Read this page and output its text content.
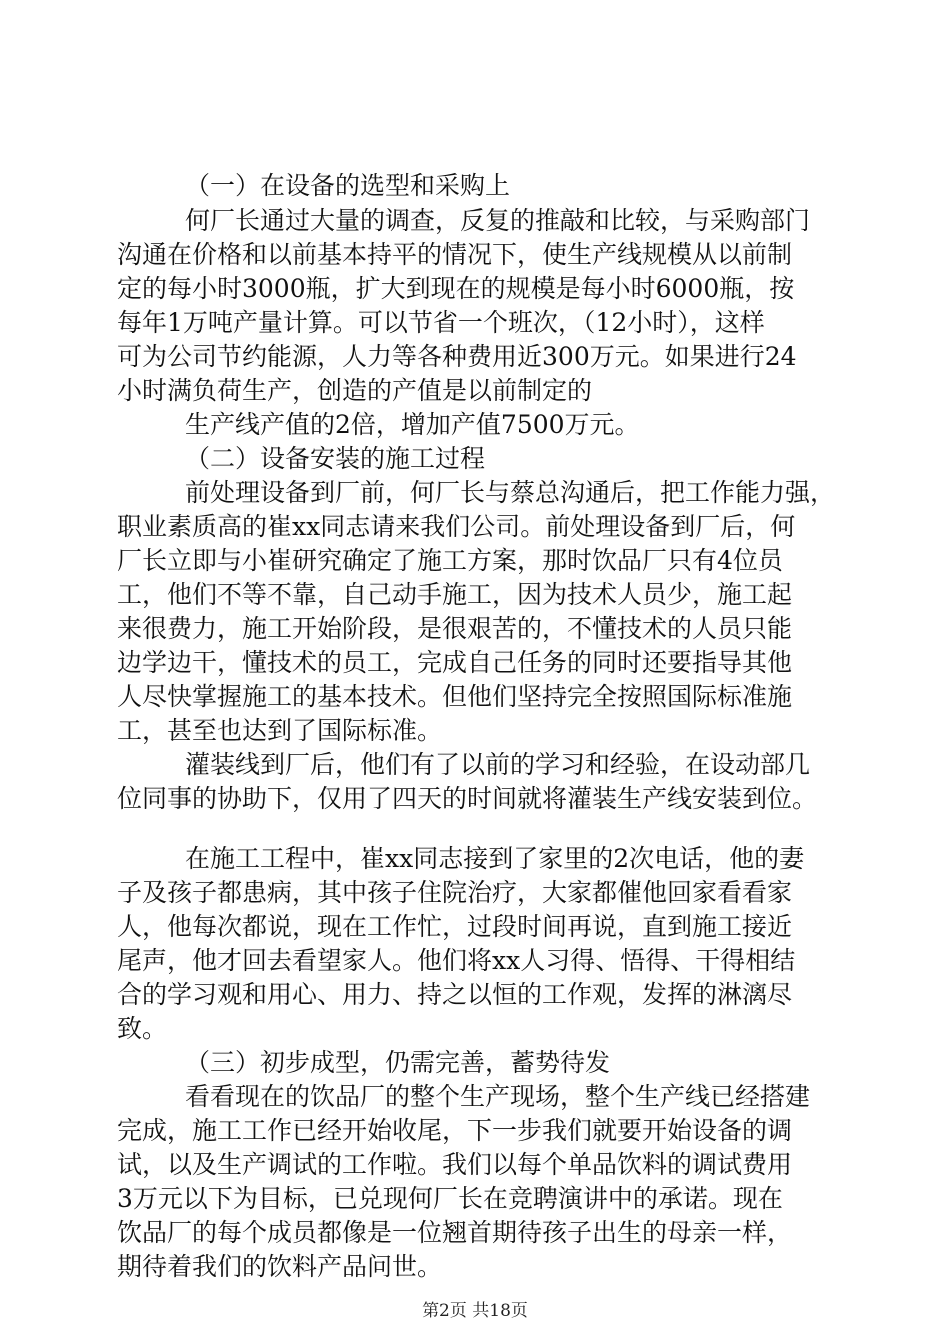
（一）在设备的选型和采购上
何厂长通过大量的调查，反复的推敲和比较，与采购部门
沟通在价格和以前基本持平的情况下，使生产线规模从以前制
定的每小时3000瓶，扩大到现在的规模是每小时6000瓶，按
每年1万吨产量计算。可以节省一个班次，（12小时），这样
可为公司节约能源，人力等各种费用近300万元。如果进行24
小时满负荷生产，创造的产值是以前制定的
生产线产值的2倍，增加产值7500万元。
（二）设备安装的施工过程
前处理设备到厂前，何厂长与蔡总沟通后，把工作能力强，
职业素质高的崔xx同志请来我们公司。前处理设备到厂后，何
厂长立即与小崔研究确定了施工方案，那时饮品厂只有4位员
工，他们不等不靠，自己动手施工，因为技术人员少，施工起
来很费力，施工开始阶段，是很艰苦的，不懂技术的人员只能
边学边干，懂技术的员工，完成自己任务的同时还要指导其他
人尽快掌握施工的基本技术。但他们坚持完全按照国际标准施
工，甚至也达到了国际标准。
灌装线到厂后，他们有了以前的学习和经验，在设动部几
位同事的协助下，仅用了四天的时间就将灌装生产线安装到位。
在施工工程中，崔xx同志接到了家里的2次电话，他的妻
子及孩子都患病，其中孩子住院治疗，大家都催他回家看看家
人，他每次都说，现在工作忙，过段时间再说，直到施工接近
尾声，他才回去看望家人。他们将xx人习得、悟得、干得相结
合的学习观和用心、用力、持之以恒的工作观，发挥的淋漓尽
致。
（三）初步成型，仍需完善，蓄势待发
看看现在的饮品厂的整个生产现场，整个生产线已经搭建
完成，施工工作已经开始收尾，下一步我们就要开始设备的调
试，以及生产调试的工作啦。我们以每个单品饮料的调试费用
3万元以下为目标，已兑现何厂长在竞聘演讲中的承诺。现在
饮品厂的每个成员都像是一位翘首期待孩子出生的母亲一样，
期待着我们的饮料产品问世。
第2页 共18页
